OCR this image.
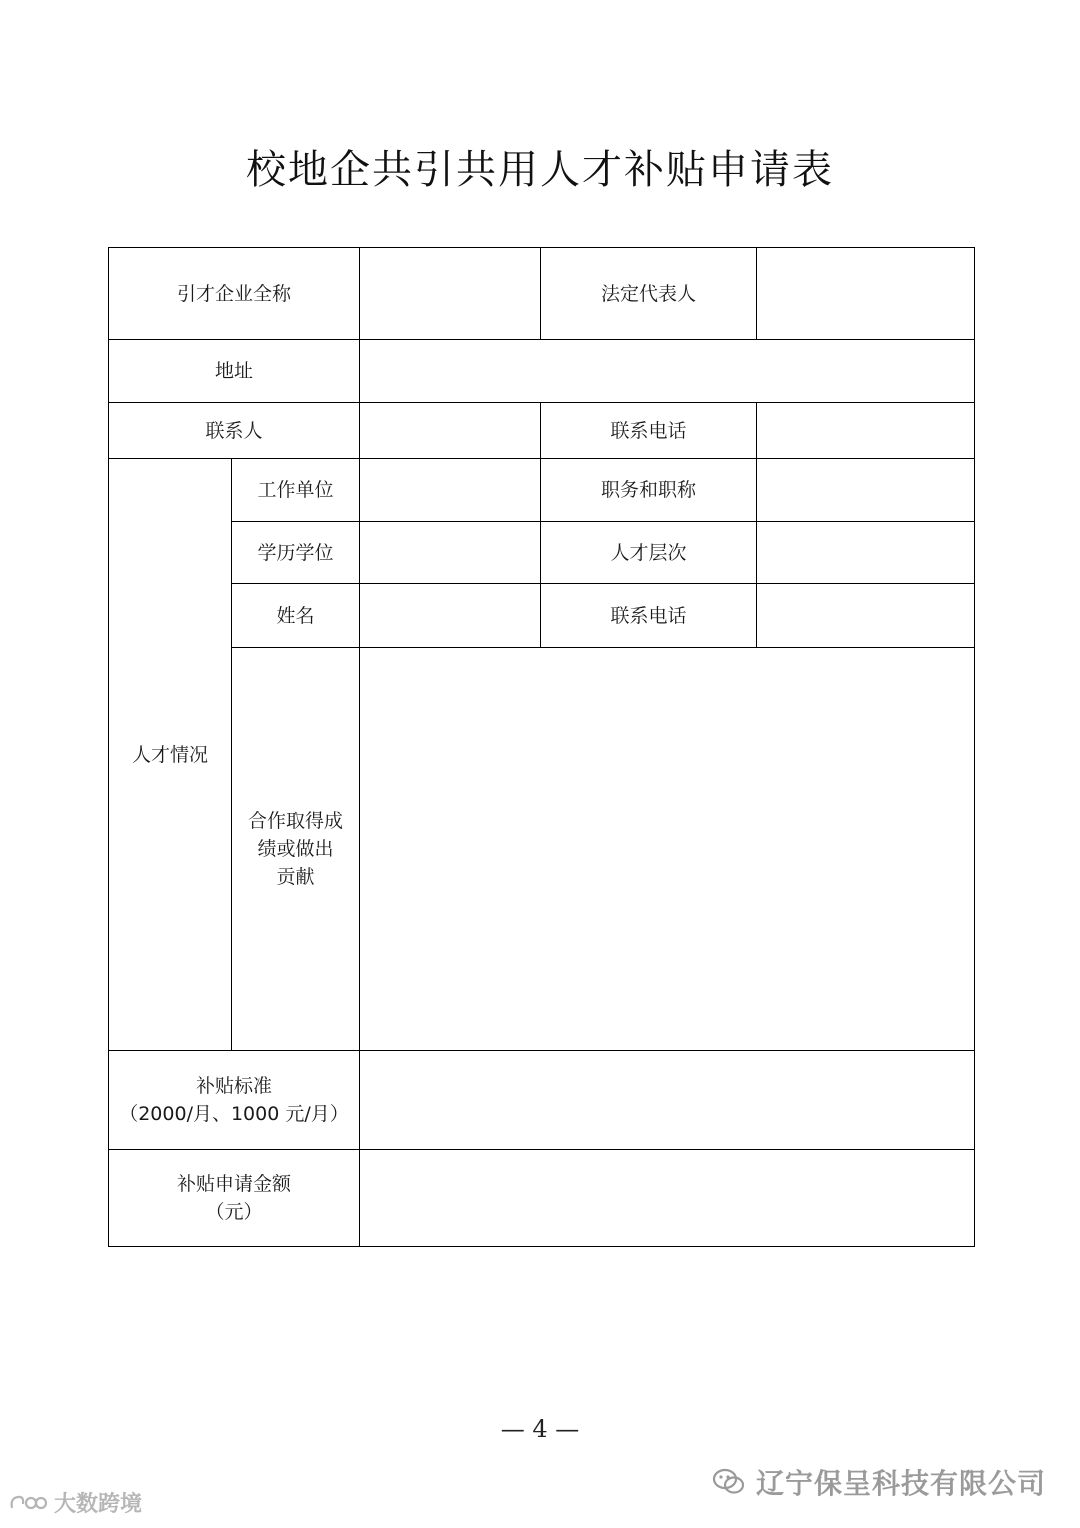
校地企共引共用人才补贴申请表
引才企业全称			法定代表人	
地址				
联系人			联系电话	
人才情况	工作单位		职务和职称	
	学历学位		人才层次	
	姓名		联系电话	

	合作取得成
绩或做出
贡献			

补贴标准
（2000/月、1000 元/月）				

补贴申请金额
（元）				

— 4 —
辽宁保呈科技有限公司
大数跨境
